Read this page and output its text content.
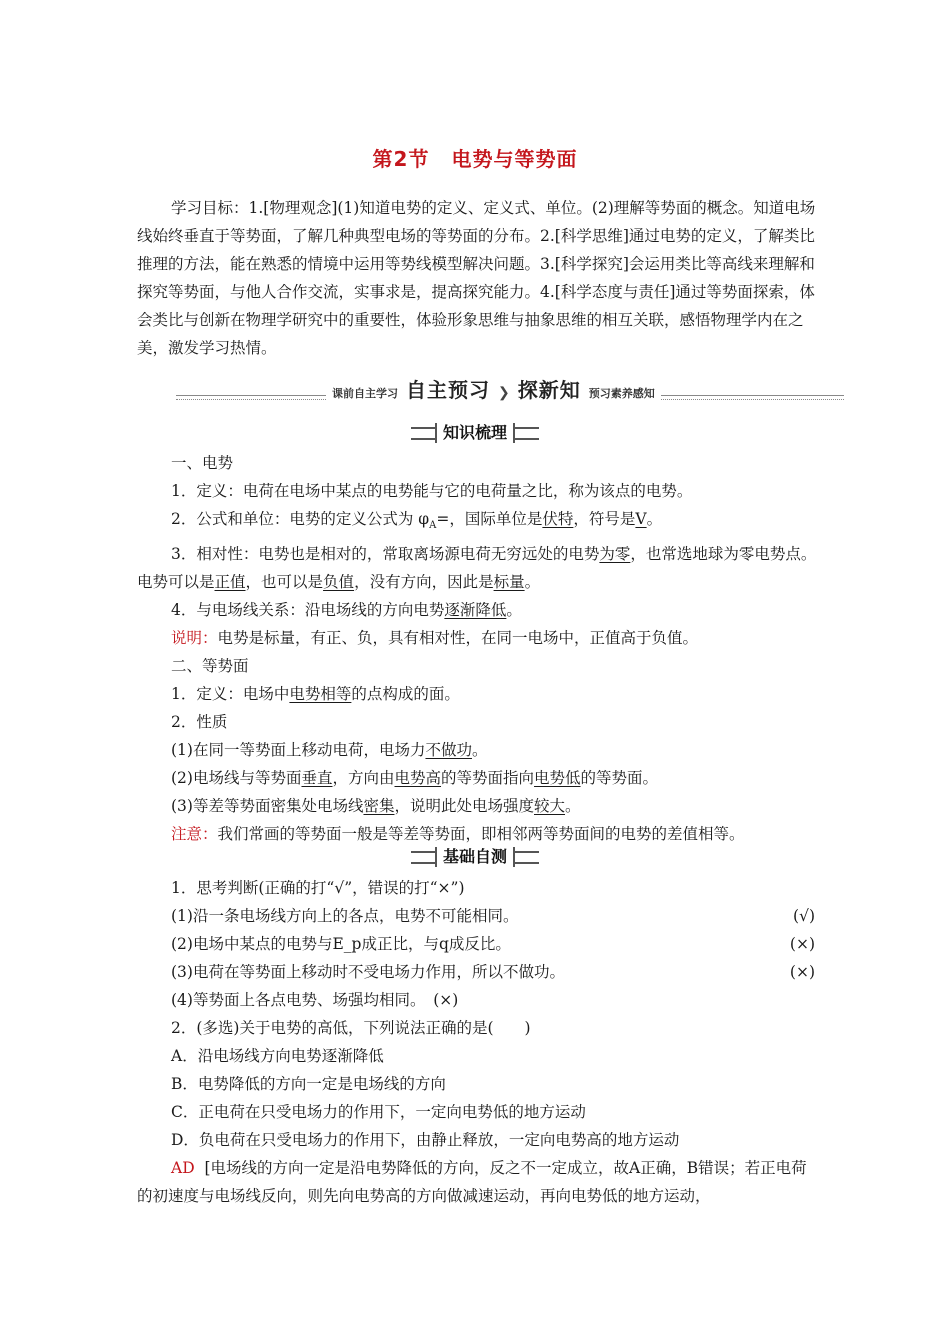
第2节 电势与等势面

学习目标：1.[物理观念](1)知道电势的定义、定义式、单位。(2)理解等势面的概念。知道电场线始终垂直于等势面，了解几种典型电场的等势面的分布。2.[科学思维]通过电势的定义，了解类比推理的方法，能在熟悉的情境中运用等势线模型解决问题。3.[科学探究]会运用类比等高线来理解和探究等势面，与他人合作交流，实事求是，提高探究能力。4.[科学态度与责任]通过等势面探索，体会类比与创新在物理学研究中的重要性，体验形象思维与抽象思维的相互关联，感悟物理学内在之美，激发学习热情。

课前自主学习 自主预习 ❯ 探新知 预习素养感知
知识梳理

一、电势

1．定义：电荷在电场中某点的电势能与它的电荷量之比，称为该点的电势。

2．公式和单位：电势的定义公式为 $\varphi_A=$，国际单位是伏特，符号是V。

3．相对性：电势也是相对的，常取离场源电荷无穷远处的电势为零，也常选地球为零电势点。电势可以是正值，也可以是负值，没有方向，因此是标量。

4．与电场线关系：沿电场线的方向电势逐渐降低。

说明：电势是标量，有正、负，具有相对性，在同一电场中，正值高于负值。

二、等势面

1．定义：电场中电势相等的点构成的面。

2．性质

(1)在同一等势面上移动电荷，电场力不做功。

(2)电场线与等势面垂直，方向由电势高的等势面指向电势低的等势面。

(3)等差等势面密集处电场线密集，说明此处电场强度较大。

注意：我们常画的等势面一般是等差等势面，即相邻两等势面间的电势的差值相等。

基础自测

1．思考判断(正确的打“√”，错误的打“×”)

(1)沿一条电场线方向上的各点，电势不可能相同。	(√)
(2)电场中某点的电势与E_p成正比，与q成反比。	(×)
(3)电荷在等势面上移动时不受电场力作用，所以不做功。	(×)

(4)等势面上各点电势、场强均相同。　(×)

2．(多选)关于电势的高低，下列说法正确的是(　　)

A．沿电场线方向电势逐渐降低

B．电势降低的方向一定是电场线的方向

C．正电荷在只受电场力的作用下，一定向电势低的地方运动

D．负电荷在只受电场力的作用下，由静止释放，一定向电势高的地方运动

AD [电场线的方向一定是沿电势降低的方向，反之不一定成立，故A正确，B错误；若正电荷的初速度与电场线反向，则先向电势高的方向做减速运动，再向电势低的地方运动，
